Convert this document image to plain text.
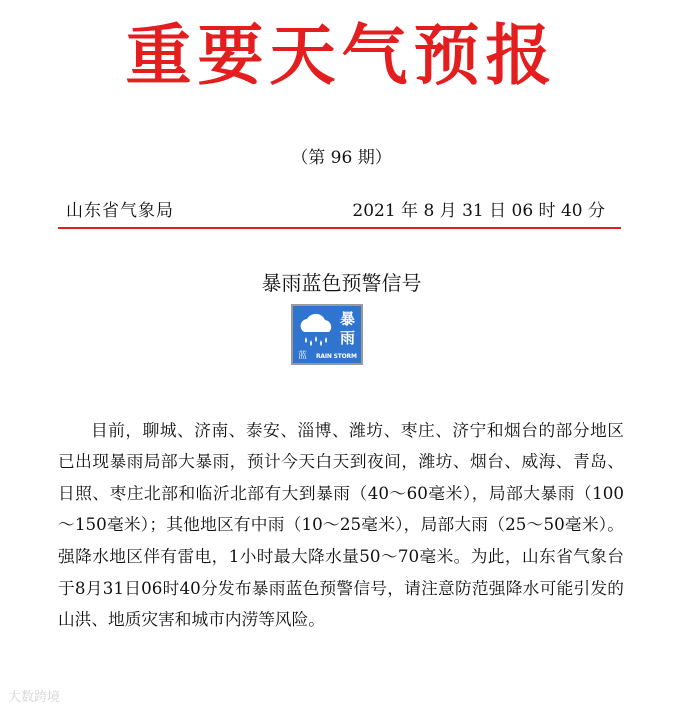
重要天气预报
（第 96 期）
山东省气象局	2021 年 8 月 31 日 06 时 40 分
暴雨蓝色预警信号
暴
雨
蓝 RAIN STORM

目前，聊城、济南、泰安、淄博、潍坊、枣庄、济宁和烟台的部分地区已出现暴雨局部大暴雨，预计今天白天到夜间，潍坊、烟台、威海、青岛、日照、枣庄北部和临沂北部有大到暴雨（40～60毫米），局部大暴雨（100～150毫米）；其他地区有中雨（10～25毫米），局部大雨（25～50毫米）。强降水地区伴有雷电，1小时最大降水量50～70毫米。为此，山东省气象台于8月31日06时40分发布暴雨蓝色预警信号，请注意防范强降水可能引发的山洪、地质灾害和城市内涝等风险。

大数跨境
